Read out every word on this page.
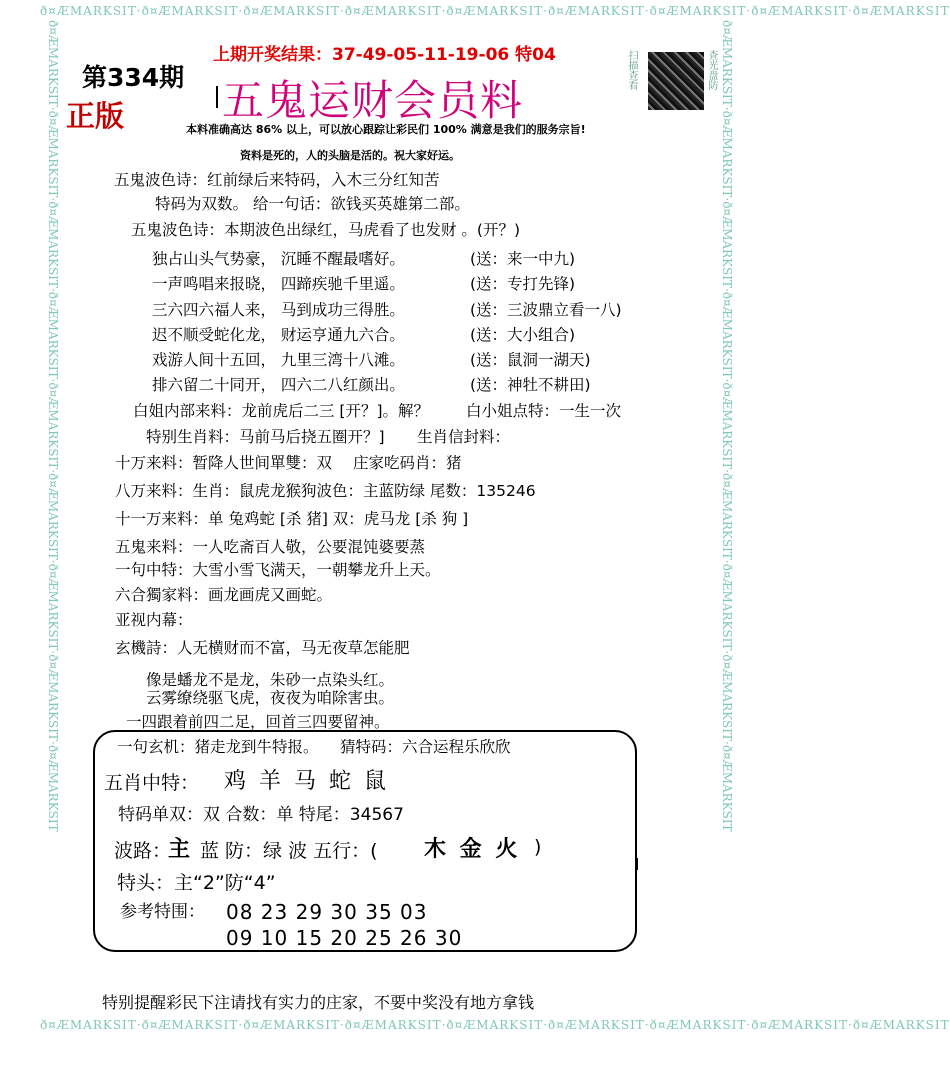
ð¤ÆMARKSIT·ð¤ÆMARKSIT·ð¤ÆMARKSIT·ð¤ÆMARKSIT·ð¤ÆMARKSIT·ð¤ÆMARKSIT·ð¤ÆMARKSIT·ð¤ÆMARKSIT·ð¤ÆMARKSIT
ð¤ÆMARKSIT·ð¤ÆMARKSIT·ð¤ÆMARKSIT·ð¤ÆMARKSIT·ð¤ÆMARKSIT·ð¤ÆMARKSIT·ð¤ÆMARKSIT·ð¤ÆMARKSIT·ð¤ÆMARKSIT
ð¤ÆMARKSIT·ð¤ÆMARKSIT·ð¤ÆMARKSIT·ð¤ÆMARKSIT·ð¤ÆMARKSIT·ð¤ÆMARKSIT·ð¤ÆMARKSIT·ð¤ÆMARKSIT·ð¤ÆMARKSIT	ð¤ÆMARKSIT·ð¤ÆMARKSIT·ð¤ÆMARKSIT·ð¤ÆMARKSIT·ð¤ÆMARKSIT·ð¤ÆMARKSIT·ð¤ÆMARKSIT·ð¤ÆMARKSIT·ð¤ÆMARKSIT
第334期
正版
上期开奖结果：37-49-05-11-19-06 特04
五鬼运财会员料
扫描查看	查光盘防
本料准确高达 86% 以上，可以放心跟踪让彩民们 100% 满意是我们的服务宗旨!
资料是死的，人的头脑是活的。祝大家好运。
五鬼波色诗：红前绿后来特码，入木三分红知苦
特码为双数。 给一句话：欲钱买英雄第二部。
五鬼波色诗：本期波色出绿红，马虎看了也发财 。(开？)
独占山头气势豪， 沉睡不醒最嗜好。	(送：来一中九)
一声鸣唱来报晓， 四蹄疾驰千里遥。	(送：专打先锋)
三六四六福人来， 马到成功三得胜。	(送：三波鼎立看一八)
迟不顺受蛇化龙， 财运亨通九六合。	(送：大小组合)
戏游人间十五回， 九里三湾十八滩。	(送：鼠洞一湖天)
排六留二十同开， 四六二八红颜出。	(送：神牡不耕田)
白姐内部来料：龙前虎后二三 [开？]。解？ 白小姐点特：一生一次
特别生肖料：马前马后挠五圈开？] 生肖信封料：
十万来料：暂降人世间單雙：双 庄家吃码肖：猪
八万来料：生肖：鼠虎龙猴狗波色：主蓝防绿 尾数：135246
十一万来料：单 兔鸡蛇 [杀 猪] 双：虎马龙 [杀 狗 ]
五鬼来料：一人吃斋百人敬，公要混饨婆要蒸
一句中特：大雪小雪飞满天，一朝攀龙升上天。
六合獨家料：画龙画虎又画蛇。
亚视内幕：
玄機詩：人无横财而不富，马无夜草怎能肥
像是蟠龙不是龙，朱砂一点染头红。
云雾缭绕驱飞虎，夜夜为咱除害虫。
一四跟着前四二足，回首三四要留神。
一句玄机：猪走龙到牛特报。 猜特码：六合运程乐欣欣
五肖中特： 鸡 羊 马 蛇 鼠
特码单双：双 合数：单 特尾：34567
波路：
主 蓝 防：绿 波 五行：( 木 金 火 )
特头：主“2”防“4”
参考特围： 08 23 29 30 35 03
09 10 15 20 25 26 30
特别提醒彩民下注请找有实力的庄家，不要中奖没有地方拿钱
